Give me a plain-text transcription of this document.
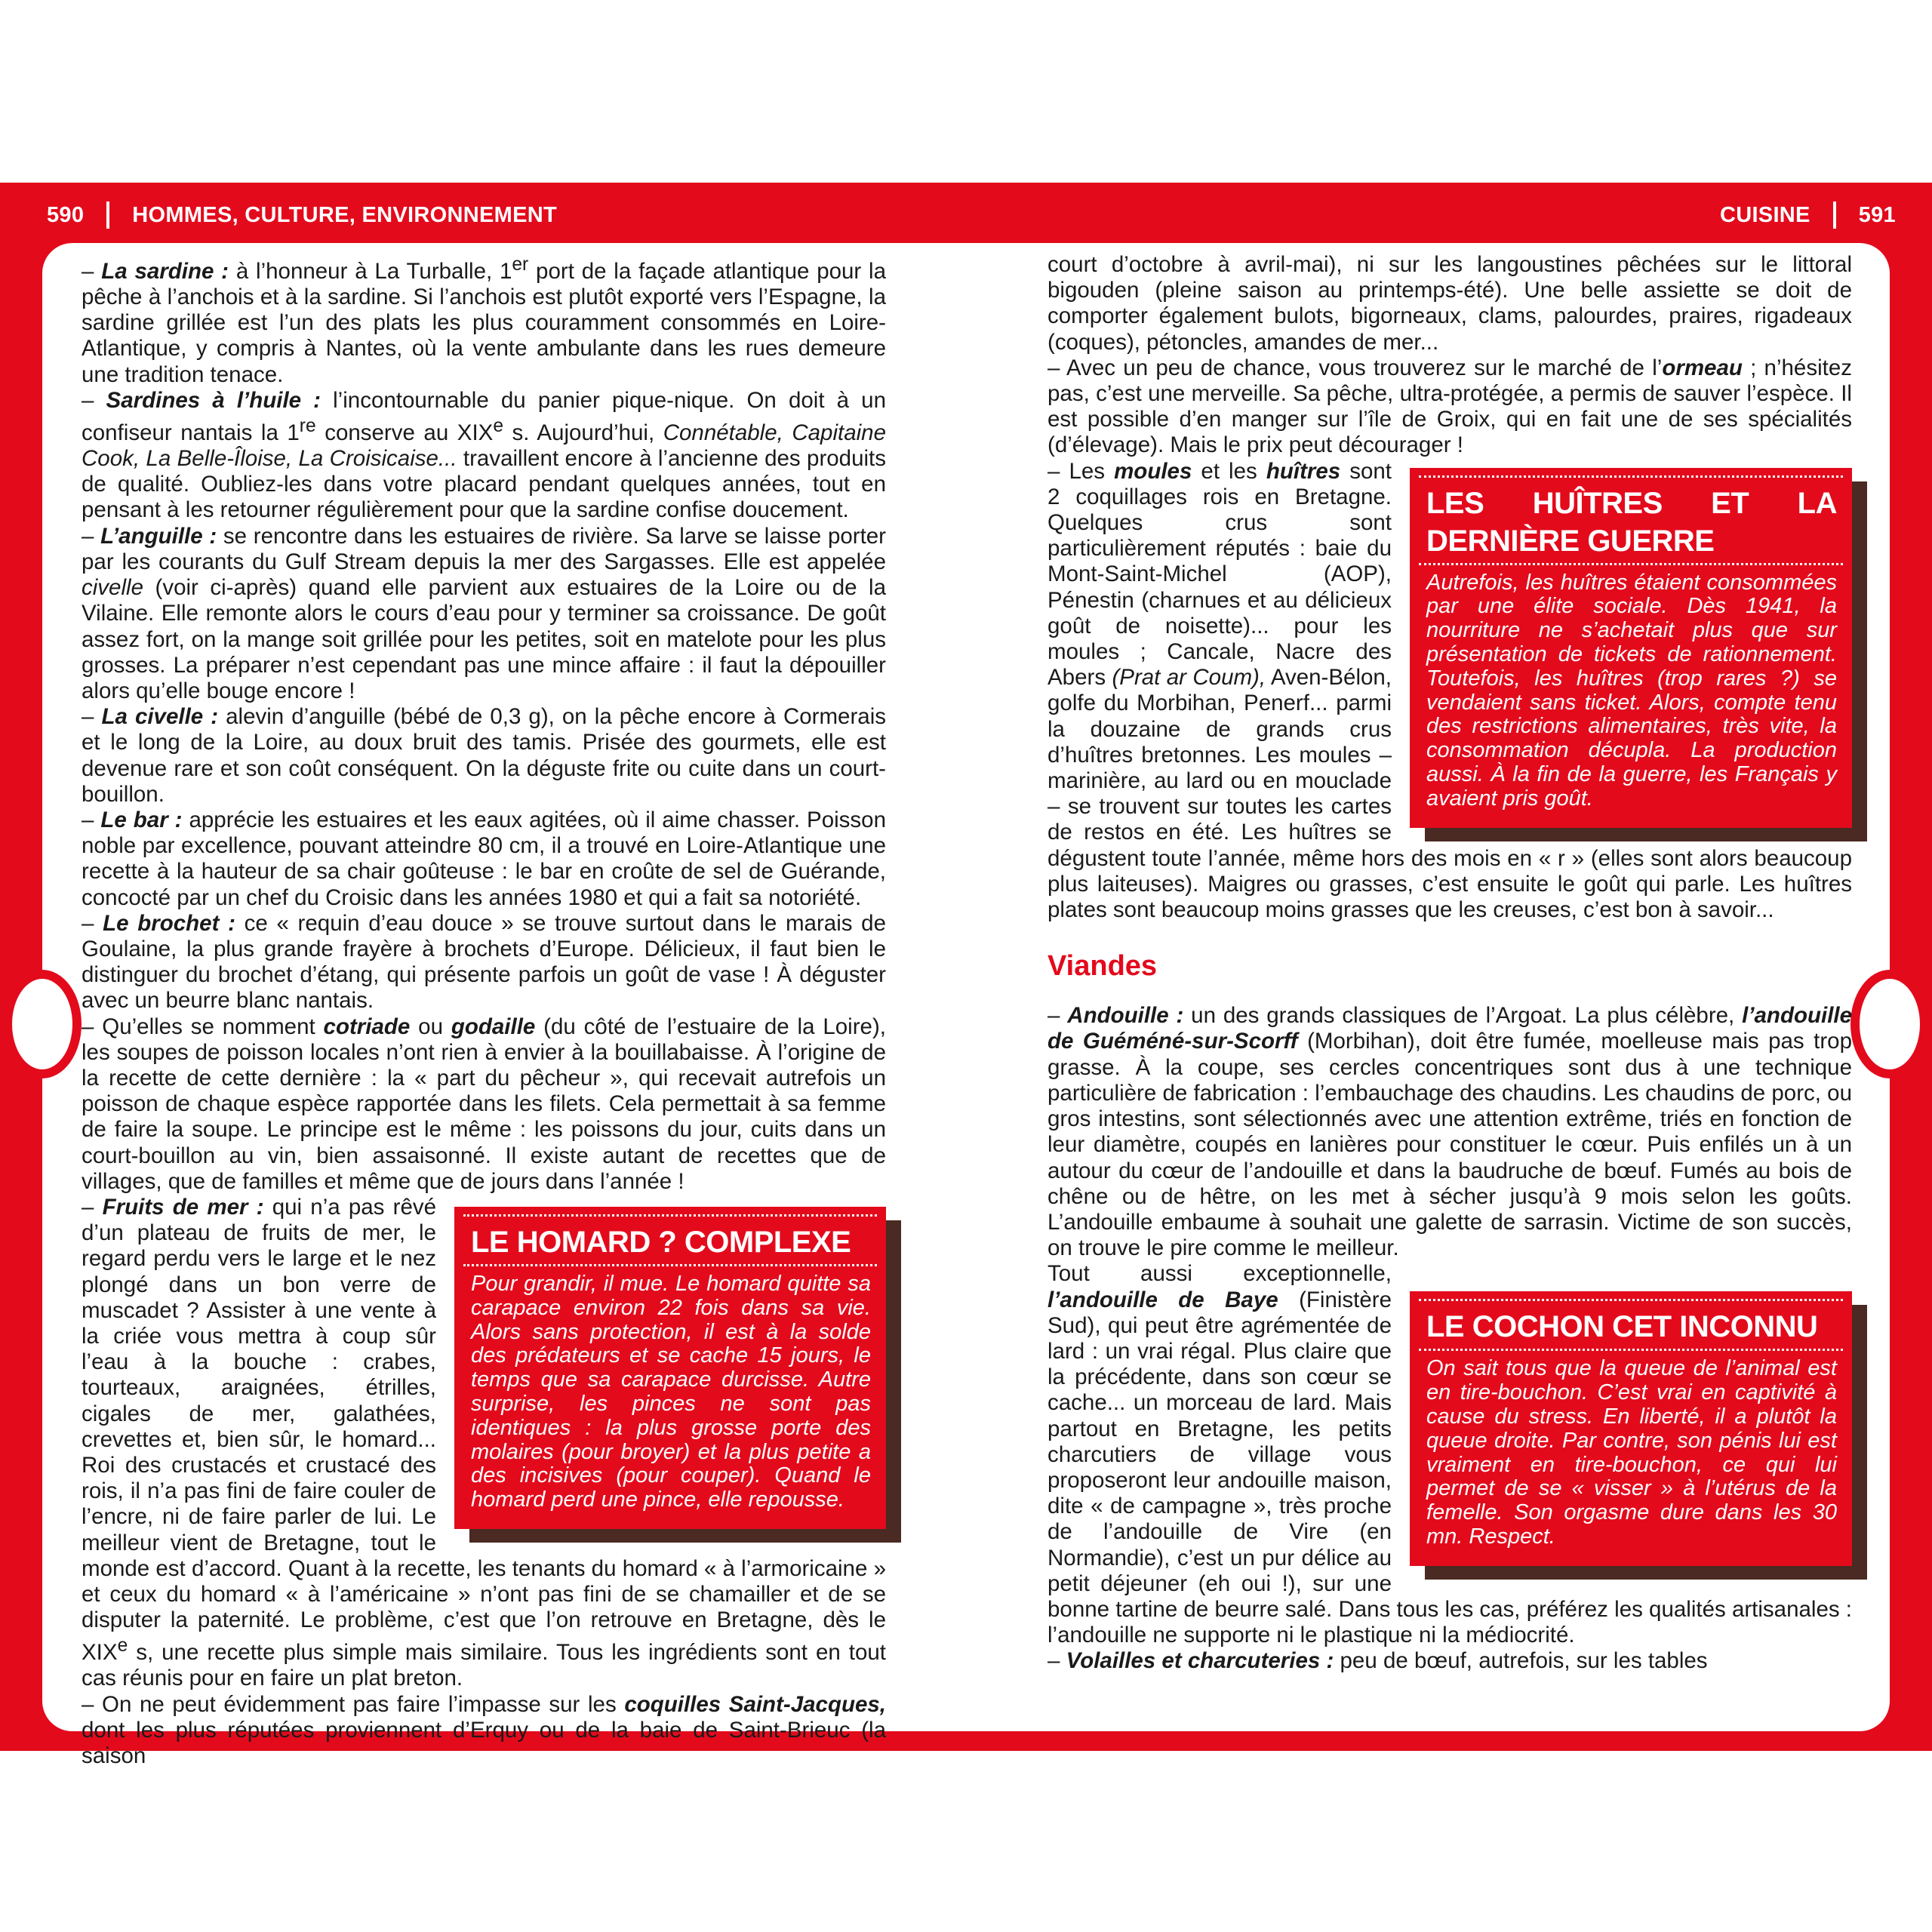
590 HOMMES, CULTURE, ENVIRONNEMENT	CUISINE 591

– La sardine : à l’honneur à La Turballe, 1er port de la façade atlantique pour la pêche à l’anchois et à la sardine. Si l’anchois est plutôt exporté vers l’Espagne, la sardine grillée est l’un des plats les plus couramment consommés en Loire-Atlantique, y compris à Nantes, où la vente ambulante dans les rues demeure une tradition tenace.

– Sardines à l’huile : l’incontournable du panier pique-nique. On doit à un confiseur nantais la 1re conserve au XIXe s. Aujourd’hui, Connétable, Capitaine Cook, La Belle-Îloise, La Croisicaise... travaillent encore à l’ancienne des produits de qualité. Oubliez-les dans votre placard pendant quelques années, tout en pensant à les retourner régulièrement pour que la sardine confise doucement.

– L’anguille : se rencontre dans les estuaires de rivière. Sa larve se laisse porter par les courants du Gulf Stream depuis la mer des Sargasses. Elle est appelée civelle (voir ci-après) quand elle parvient aux estuaires de la Loire ou de la Vilaine. Elle remonte alors le cours d’eau pour y terminer sa croissance. De goût assez fort, on la mange soit grillée pour les petites, soit en matelote pour les plus grosses. La préparer n’est cependant pas une mince affaire : il faut la dépouiller alors qu’elle bouge encore !

– La civelle : alevin d’anguille (bébé de 0,3 g), on la pêche encore à Cormerais et le long de la Loire, au doux bruit des tamis. Prisée des gourmets, elle est devenue rare et son coût conséquent. On la déguste frite ou cuite dans un court-bouillon.

– Le bar : apprécie les estuaires et les eaux agitées, où il aime chasser. Poisson noble par excellence, pouvant atteindre 80 cm, il a trouvé en Loire-Atlantique une recette à la hauteur de sa chair goûteuse : le bar en croûte de sel de Guérande, concocté par un chef du Croisic dans les années 1980 et qui a fait sa notoriété.

– Le brochet : ce « requin d’eau douce » se trouve surtout dans le marais de Goulaine, la plus grande frayère à brochets d’Europe. Délicieux, il faut bien le distinguer du brochet d’étang, qui présente parfois un goût de vase ! À déguster avec un beurre blanc nantais.

– Qu’elles se nomment cotriade ou godaille (du côté de l’estuaire de la Loire), les soupes de poisson locales n’ont rien à envier à la bouillabaisse. À l’origine de la recette de cette dernière : la « part du pêcheur », qui recevait autrefois un poisson de chaque espèce rapportée dans les filets. Cela permettait à sa femme de faire la soupe. Le principe est le même : les poissons du jour, cuits dans un court-bouillon au vin, bien assaisonné. Il existe autant de recettes que de villages, que de familles et même que de jours dans l’année !

LE HOMARD ? COMPLEXE
Pour grandir, il mue. Le homard quitte sa carapace environ 22 fois dans sa vie. Alors sans protection, il est à la solde des prédateurs et se cache 15 jours, le temps que sa carapace durcisse. Autre surprise, les pinces ne sont pas identiques : la plus grosse porte des molaires (pour broyer) et la plus petite a des incisives (pour couper). Quand le homard perd une pince, elle repousse.

– Fruits de mer : qui n’a pas rêvé d’un plateau de fruits de mer, le regard perdu vers le large et le nez plongé dans un bon verre de muscadet ? Assister à une vente à la criée vous mettra à coup sûr l’eau à la bouche : crabes, tourteaux, araignées, étrilles, cigales de mer, galathées, crevettes et, bien sûr, le homard... Roi des crustacés et crustacé des rois, il n’a pas fini de faire couler de l’encre, ni de faire parler de lui. Le meilleur vient de Bretagne, tout le monde est d’accord. Quant à la recette, les tenants du homard « à l’armoricaine » et ceux du homard « à l’américaine » n’ont pas fini de se chamailler et de se disputer la paternité. Le problème, c’est que l’on retrouve en Bretagne, dès le XIXe s, une recette plus simple mais similaire. Tous les ingrédients sont en tout cas réunis pour en faire un plat breton.

– On ne peut évidemment pas faire l’impasse sur les coquilles Saint-Jacques, dont les plus réputées proviennent d’Erquy ou de la baie de Saint-Brieuc (la saison

court d’octobre à avril-mai), ni sur les langoustines pêchées sur le littoral bigouden (pleine saison au printemps-été). Une belle assiette se doit de comporter également bulots, bigorneaux, clams, palourdes, praires, rigadeaux (coques), pétoncles, amandes de mer...

– Avec un peu de chance, vous trouverez sur le marché de l’ormeau ; n’hésitez pas, c’est une merveille. Sa pêche, ultra-protégée, a permis de sauver l’espèce. Il est possible d’en manger sur l’île de Groix, qui en fait une de ses spécialités (d’élevage). Mais le prix peut décourager !

LES HUÎTRES ET LA DERNIÈRE GUERRE
Autrefois, les huîtres étaient consommées par une élite sociale. Dès 1941, la nourriture ne s’achetait plus que sur présentation de tickets de rationnement. Toutefois, les huîtres (trop rares ?) se vendaient sans ticket. Alors, compte tenu des restrictions alimentaires, très vite, la consommation décupla. La production aussi. À la fin de la guerre, les Français y avaient pris goût.

– Les moules et les huîtres sont 2 coquillages rois en Bretagne. Quelques crus sont particulièrement réputés : baie du Mont-Saint-Michel (AOP), Pénestin (charnues et au délicieux goût de noisette)... pour les moules ; Cancale, Nacre des Abers (Prat ar Coum), Aven-Bélon, golfe du Morbihan, Penerf... parmi la douzaine de grands crus d’huîtres bretonnes. Les moules – marinière, au lard ou en mouclade – se trouvent sur toutes les cartes de restos en été. Les huîtres se dégustent toute l’année, même hors des mois en « r » (elles sont alors beaucoup plus laiteuses). Maigres ou grasses, c’est ensuite le goût qui parle. Les huîtres plates sont beaucoup moins grasses que les creuses, c’est bon à savoir...

Viandes

– Andouille : un des grands classiques de l’Argoat. La plus célèbre, l’andouille de Guéméné-sur-Scorff (Morbihan), doit être fumée, moelleuse mais pas trop grasse. À la coupe, ses cercles concentriques sont dus à une technique particulière de fabrication : l’embauchage des chaudins. Les chaudins de porc, ou gros intestins, sont sélectionnés avec une attention extrême, triés en fonction de leur diamètre, coupés en lanières pour constituer le cœur. Puis enfilés un à un autour du cœur de l’andouille et dans la baudruche de bœuf. Fumés au bois de chêne ou de hêtre, on les met à sécher jusqu’à 9 mois selon les goûts. L’andouille embaume à souhait une galette de sarrasin. Victime de son succès, on trouve le pire comme le meilleur.

LE COCHON CET INCONNU
On sait tous que la queue de l’animal est en tire-bouchon. C’est vrai en captivité à cause du stress. En liberté, il a plutôt la queue droite. Par contre, son pénis lui est vraiment en tire-bouchon, ce qui lui permet de se « visser » à l’utérus de la femelle. Son orgasme dure dans les 30 mn. Respect.

Tout aussi exceptionnelle, l’andouille de Baye (Finistère Sud), qui peut être agrémentée de lard : un vrai régal. Plus claire que la précédente, dans son cœur se cache... un morceau de lard. Mais partout en Bretagne, les petits charcutiers de village vous proposeront leur andouille maison, dite « de campagne », très proche de l’andouille de Vire (en Normandie), c’est un pur délice au petit déjeuner (eh oui !), sur une bonne tartine de beurre salé. Dans tous les cas, préférez les qualités artisanales : l’andouille ne supporte ni le plastique ni la médiocrité.

– Volailles et charcuteries : peu de bœuf, autrefois, sur les tables
